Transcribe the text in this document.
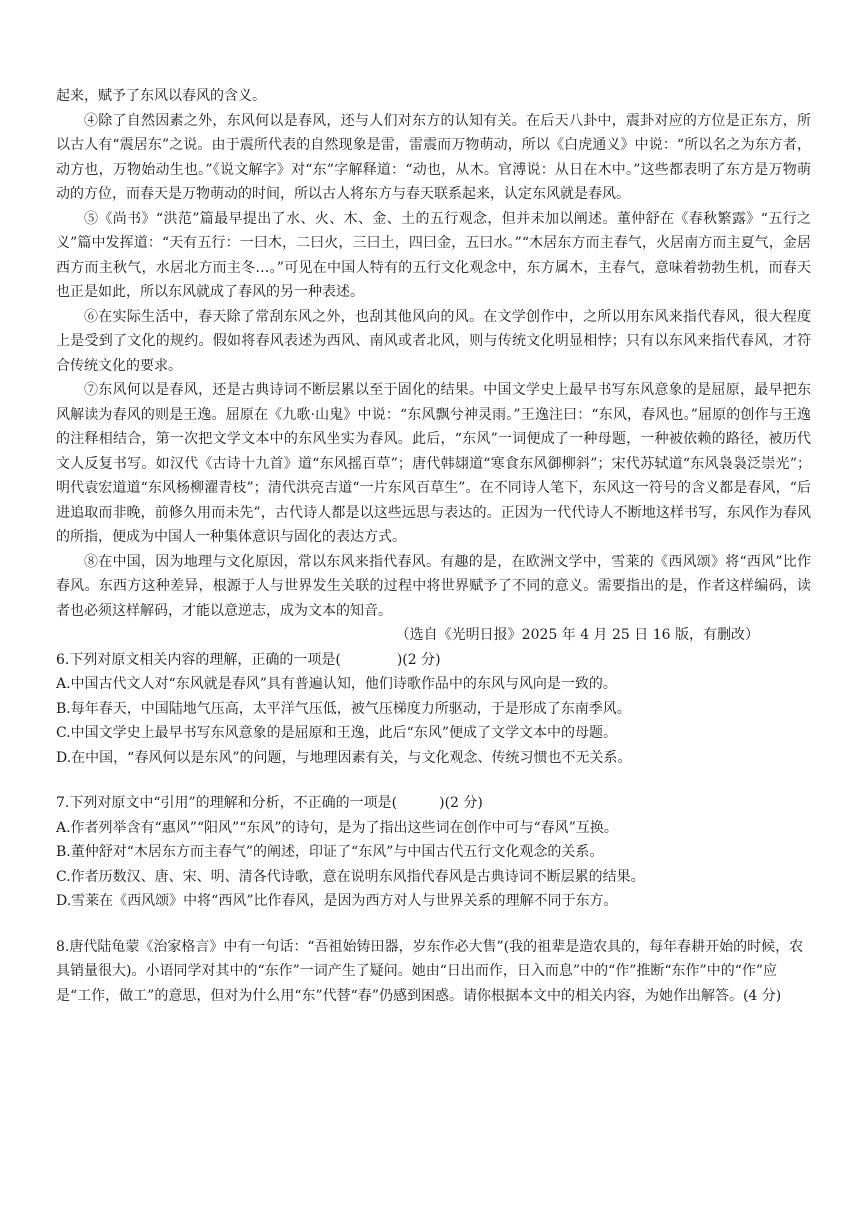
起来，赋予了东风以春风的含义。

④除了自然因素之外，东风何以是春风，还与人们对东方的认知有关。在后天八卦中，震卦对应的方位是正东方，所以古人有“震居东”之说。由于震所代表的自然现象是雷，雷震而万物萌动，所以《白虎通义》中说：“所以名之为东方者，动方也，万物始动生也。”《说文解字》对“东”字解释道：“动也，从木。官溥说：从日在木中。”这些都表明了东方是万物萌动的方位，而春天是万物萌动的时间，所以古人将东方与春天联系起来，认定东风就是春风。

⑤《尚书》“洪范”篇最早提出了水、火、木、金、土的五行观念，但并未加以阐述。董仲舒在《春秋繁露》“五行之义”篇中发挥道：“天有五行：一曰木，二曰火，三曰土，四曰金，五曰水。”“木居东方而主春气，火居南方而主夏气，金居西方而主秋气，水居北方而主冬…。”可见在中国人特有的五行文化观念中，东方属木，主春气，意味着勃勃生机，而春天也正是如此，所以东风就成了春风的另一种表述。

⑥在实际生活中，春天除了常刮东风之外，也刮其他风向的风。在文学创作中，之所以用东风来指代春风，很大程度上是受到了文化的规约。假如将春风表述为西风、南风或者北风，则与传统文化明显相悖；只有以东风来指代春风，才符合传统文化的要求。

⑦东风何以是春风，还是古典诗词不断层累以至于固化的结果。中国文学史上最早书写东风意象的是屈原，最早把东风解读为春风的则是王逸。屈原在《九歌·山鬼》中说：“东风飘兮神灵雨。”王逸注曰：“东风，春风也。”屈原的创作与王逸的注释相结合，第一次把文学文本中的东风坐实为春风。此后，“东风”一词便成了一种母题，一种被依赖的路径，被历代文人反复书写。如汉代《古诗十九首》道“东风摇百草”；唐代韩翃道“寒食东风御柳斜”；宋代苏轼道“东风袅袅泛崇光”；明代袁宏道道“东风杨柳濯青枝”；清代洪亮吉道“一片东风百草生”。在不同诗人笔下，东风这一符号的含义都是春风，“后进追取而非晚，前修久用而未先”，古代诗人都是以这些远思与表达的。正因为一代代诗人不断地这样书写，东风作为春风的所指，便成为中国人一种集体意识与固化的表达方式。

⑧在中国，因为地理与文化原因，常以东风来指代春风。有趣的是，在欧洲文学中，雪莱的《西风颂》将“西风”比作春风。东西方这种差异，根源于人与世界发生关联的过程中将世界赋予了不同的意义。需要指出的是，作者这样编码，读者也必须这样解码，才能以意逆志，成为文本的知音。

（选自《光明日报》2025 年 4 月 25 日 16 版，有删改）

6.下列对原文相关内容的理解，正确的一项是(　　　　)(2 分)

A.中国古代文人对“东风就是春风”具有普遍认知，他们诗歌作品中的东风与风向是一致的。

B.每年春天，中国陆地气压高，太平洋气压低，被气压梯度力所驱动，于是形成了东南季风。

C.中国文学史上最早书写东风意象的是屈原和王逸，此后“东风”便成了文学文本中的母题。

D.在中国，“春风何以是东风”的问题，与地理因素有关，与文化观念、传统习惯也不无关系。

7.下列对原文中“引用”的理解和分析，不正确的一项是(　　　)(2 分)

A.作者列举含有“惠风”“阳风”“东风”的诗句，是为了指出这些词在创作中可与“春风”互换。

B.董仲舒对“木居东方而主春气”的阐述，印证了“东风”与中国古代五行文化观念的关系。

C.作者历数汉、唐、宋、明、清各代诗歌，意在说明东风指代春风是古典诗词不断层累的结果。

D.雪莱在《西风颂》中将“西风”比作春风，是因为西方对人与世界关系的理解不同于东方。

8.唐代陆龟蒙《治家格言》中有一句话：“吾祖始铸田器，岁东作必大售”(我的祖辈是造农具的，每年春耕开始的时候，农具销量很大)。小语同学对其中的“东作”一词产生了疑问。她由“日出而作，日入而息”中的“作”推断“东作”中的“作”应是“工作，做工”的意思，但对为什么用“东”代替“春”仍感到困惑。请你根据本文中的相关内容，为她作出解答。(4 分)
